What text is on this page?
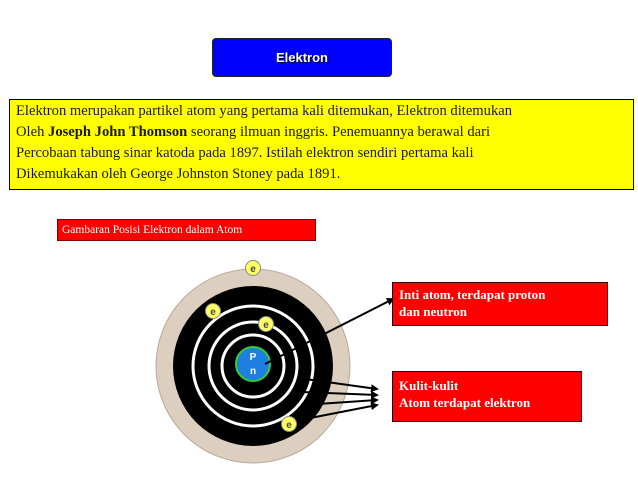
Elektron

Elektron merupakan partikel atom yang pertama kali ditemukan, Elektron ditemukan

Oleh Joseph John Thomson seorang ilmuan inggris. Penemuannya berawal dari

Percobaan tabung sinar katoda pada 1897. Istilah elektron sendiri pertama kali

Dikemukakan oleh George Johnston Stoney pada 1891.

Gambaran Posisi Elektron dalam Atom
P
n
e
e
e
e
Inti atom, terdapat proton
dan neutron
Kulit-kulit
Atom terdapat elektron
